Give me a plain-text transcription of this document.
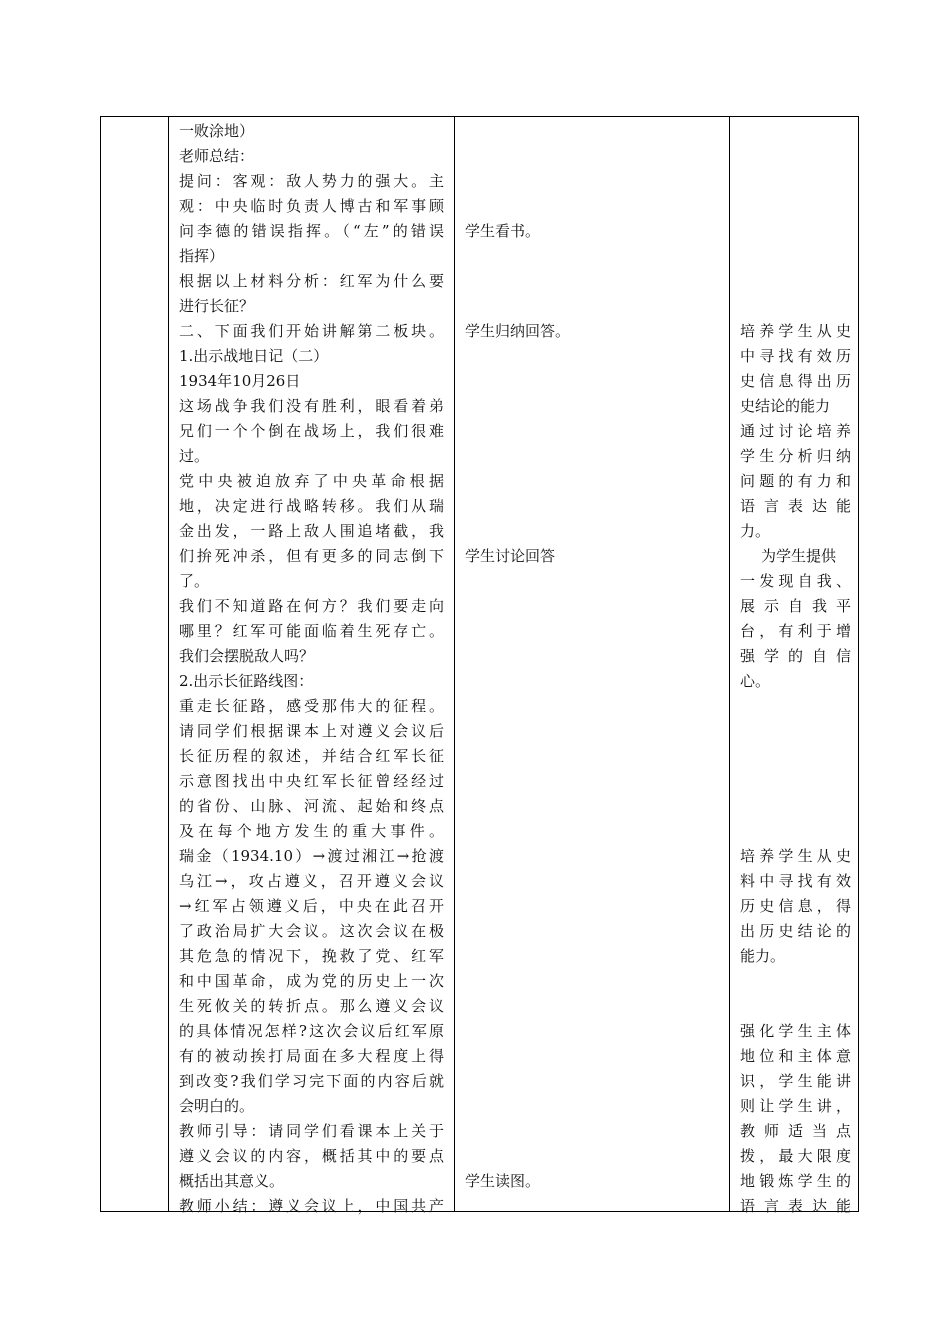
一败涂地）
老师总结：
提问：客观：敌人势力的强大。主
观：中央临时负责人博古和军事顾
问李德的错误指挥。（“左”的错误
指挥）
根据以上材料分析：红军为什么要
进行长征？
二、下面我们开始讲解第二板块。
1.出示战地日记（二）
1934年10月26日
这场战争我们没有胜利，眼看着弟
兄们一个个倒在战场上，我们很难
过。
党中央被迫放弃了中央革命根据
地，决定进行战略转移。我们从瑞
金出发，一路上敌人围追堵截，我
们拚死冲杀，但有更多的同志倒下
了。
我们不知道路在何方？我们要走向
哪里？红军可能面临着生死存亡。
我们会摆脱敌人吗？
2.出示长征路线图：
重走长征路，感受那伟大的征程。
请同学们根据课本上对遵义会议后
长征历程的叙述，并结合红军长征
示意图找出中央红军长征曾经经过
的省份、山脉、河流、起始和终点
及在每个地方发生的重大事件。
瑞金（1934.10）→渡过湘江→抢渡
乌江→，攻占遵义，召开遵义会议
→红军占领遵义后，中央在此召开
了政治局扩大会议。这次会议在极
其危急的情况下，挽救了党、红军
和中国革命，成为党的历史上一次
生死攸关的转折点。那么遵义会议
的具体情况怎样?这次会议后红军原
有的被动挨打局面在多大程度上得
到改变?我们学习完下面的内容后就
会明白的。
教师引导：请同学们看课本上关于
遵义会议的内容，概括其中的要点
概括出其意义。
教师小结：遵义会议上，中国共产
学生看书。
学生归纳回答。
学生讨论回答
学生读图。
培养学生从史
中寻找有效历
史信息得出历
史结论的能力
通过讨论培养
学生分析归纳
问题的有力和
语言表达能
力。
为学生提供
一发现自我、
展示自我平
台，有利于增
强学的自信
心。
培养学生从史
料中寻找有效
历史信息，得
出历史结论的
能力。
强化学生主体
地位和主体意
识，学生能讲
则让学生讲，
教师适当点
拨，最大限度
地锻炼学生的
语言表达能
